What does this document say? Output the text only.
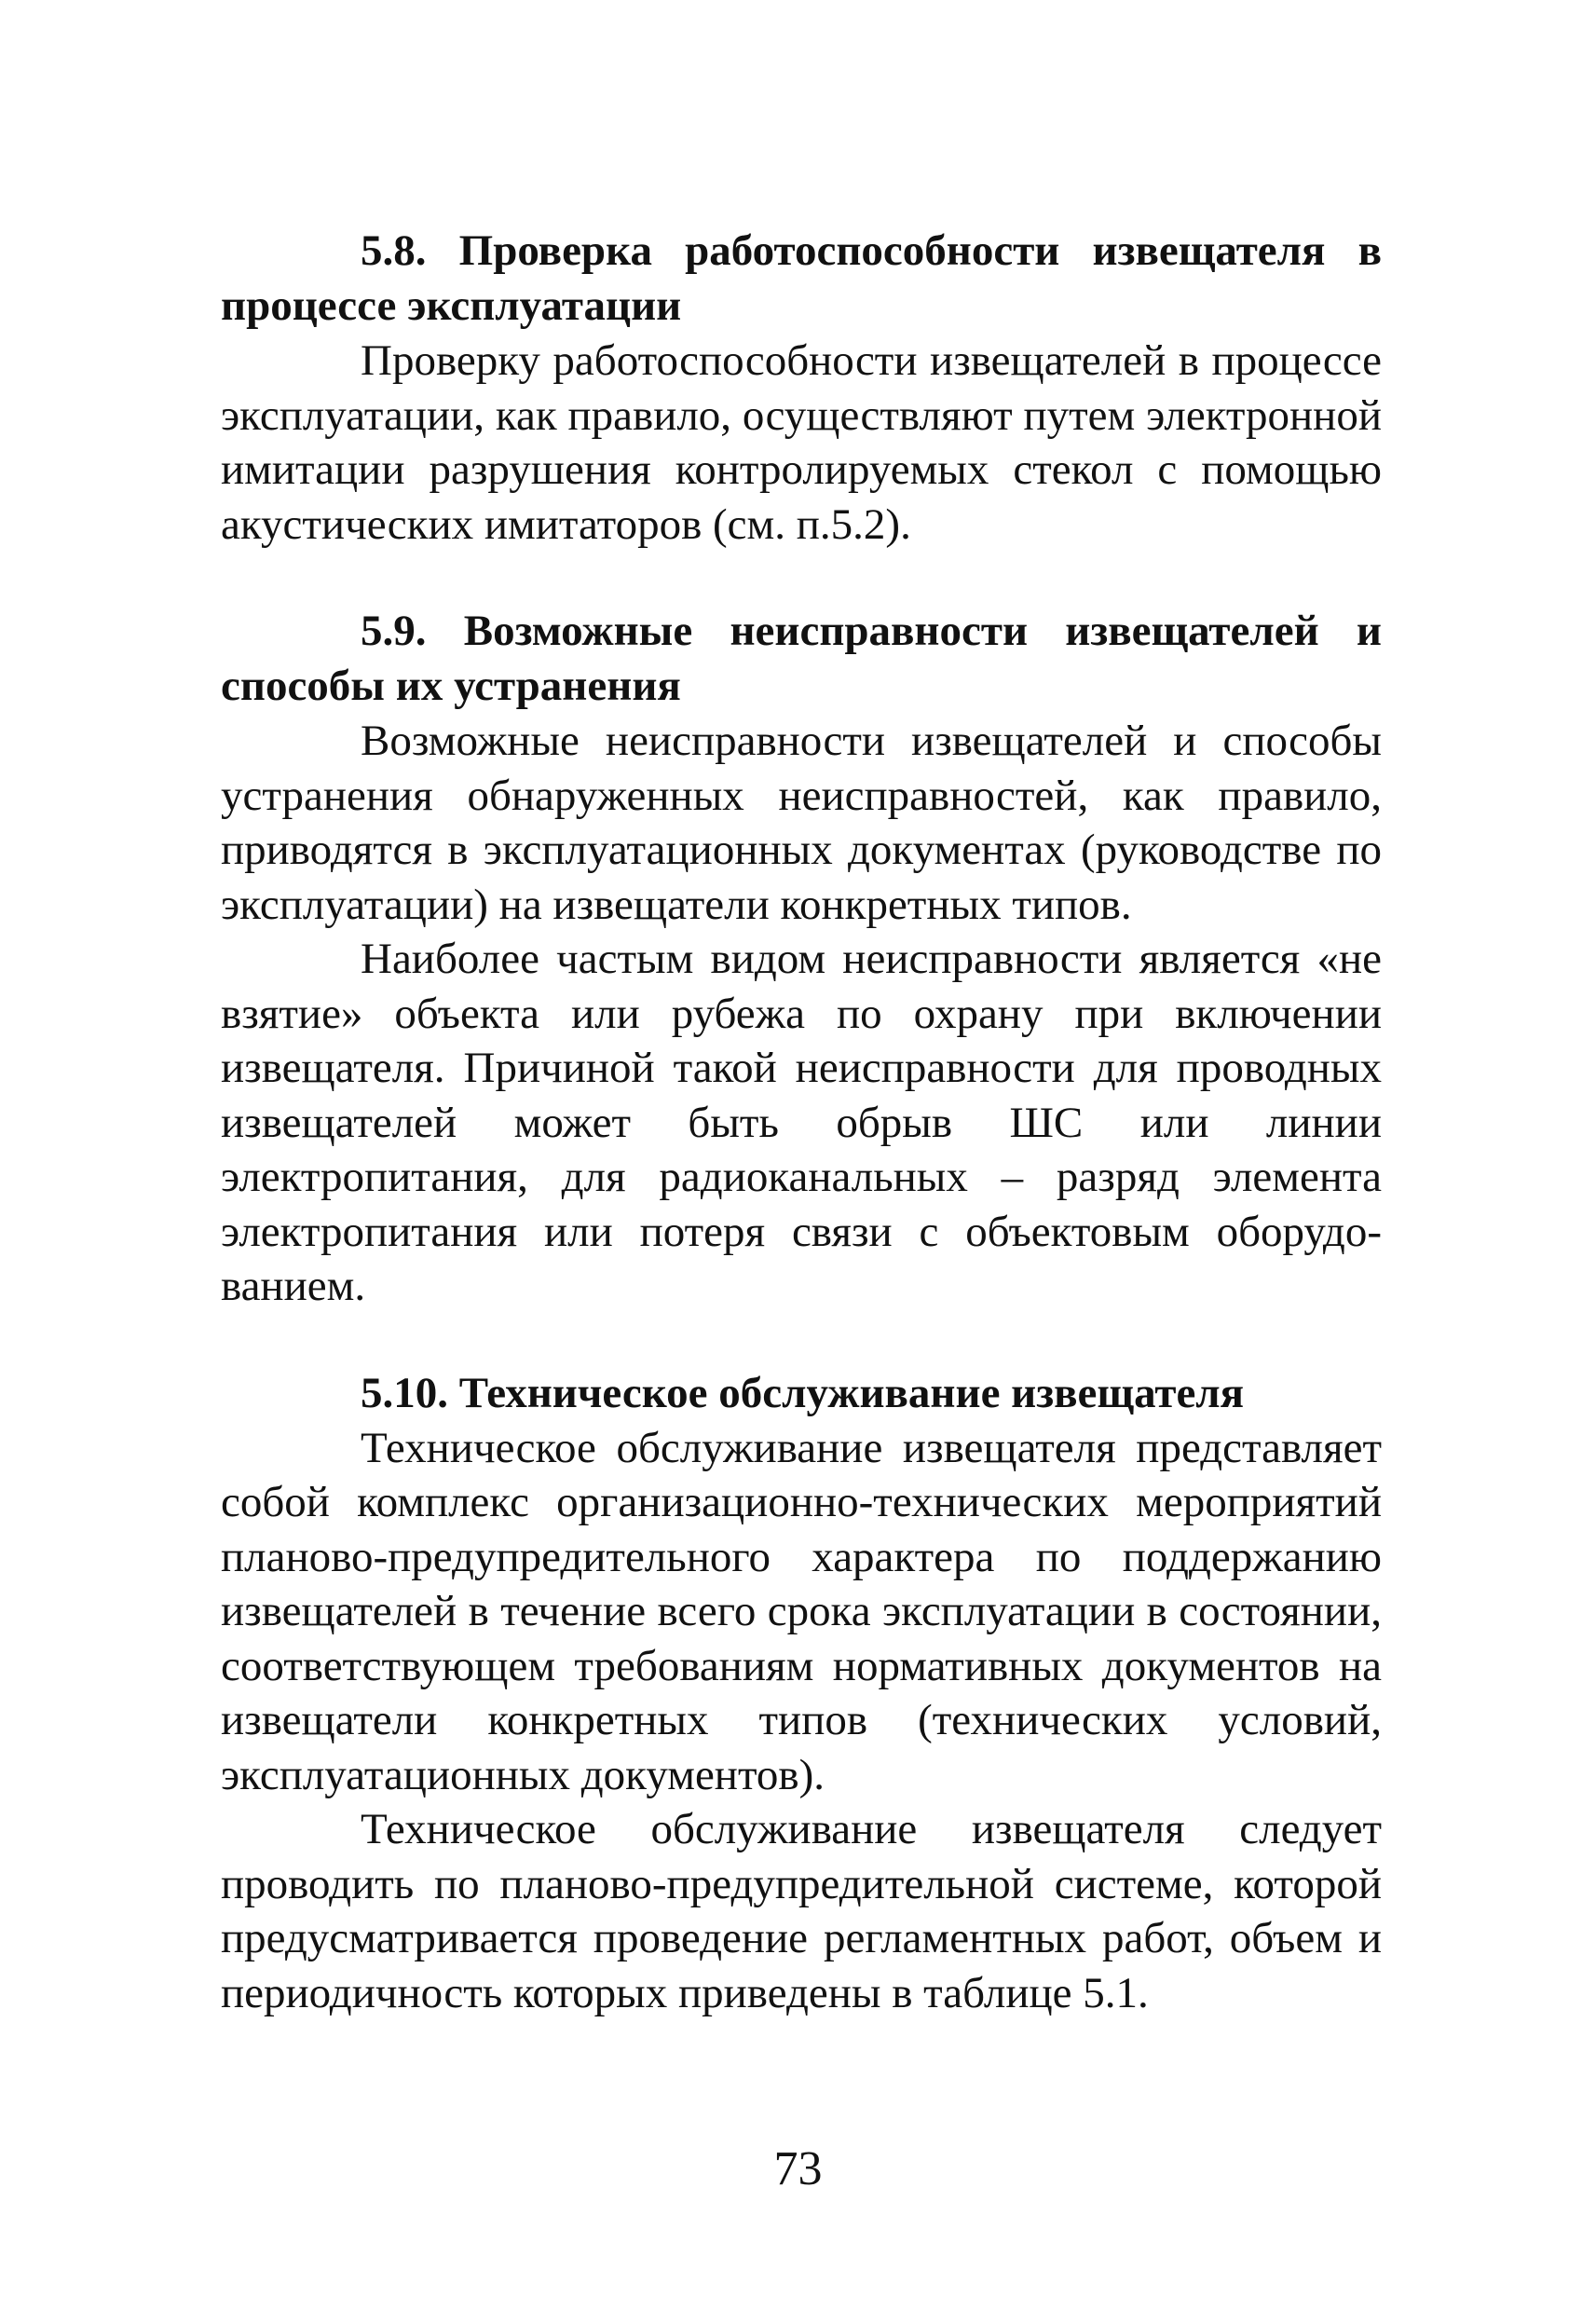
5.8. Проверка работоспособности извещателя в процессе эксплуатации

Проверку работоспособности извещателей в процессе эксплуатации, как правило, осуществляют путем электронной имитации разрушения контролируемых стекол с помощью акустических имитаторов (см. п.5.2).

5.9. Возможные неисправности извещателей и способы их устранения

Возможные неисправности извещателей и способы устранения обнаруженных неисправностей, как правило, приводятся в эксплуатационных документах (руководстве по эксплуатации) на извещатели конкретных типов.

Наиболее частым видом неисправности является «не взятие» объекта или рубежа по охрану при включении извещателя. Причиной такой неисправности для проводных извещателей может быть обрыв ШС или линии электропитания, для радиоканальных – разряд элемента электропитания или потеря связи с объектовым оборудованием.

5.10. Техническое обслуживание извещателя

Техническое обслуживание извещателя представляет собой комплекс организационно-технических мероприятий планово-предупредительного характера по поддержанию извещателей в течение всего срока эксплуатации в состоянии, соответствующем требованиям нормативных документов на извещатели конкретных типов (технических условий, эксплуатационных документов).

Техническое обслуживание извещателя следует проводить по планово-предупредительной системе, которой предусматривается проведение регламентных работ, объем и периодичность которых приведены в таблице 5.1.

73
